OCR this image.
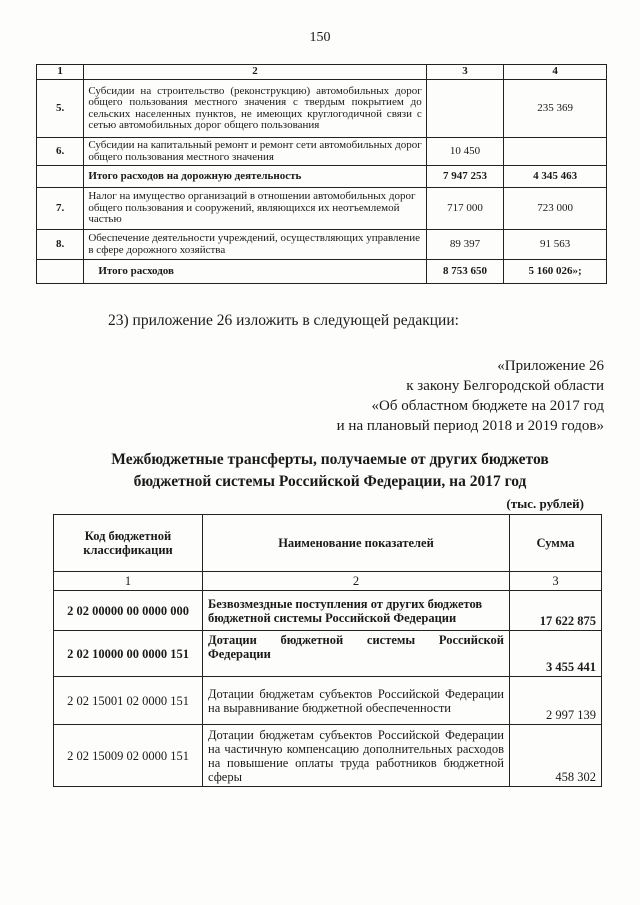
150
1	2	3	4
5.	Субсидии на строительство (реконструкцию) автомобильных дорог общего пользования местного значения с твердым покрытием до сельских населенных пунктов, не имеющих круглогодичной связи с сетью автомобильных дорог общего пользования		235 369
6.	Субсидии на капитальный ремонт и ремонт сети автомобильных дорог общего пользования местного значения	10 450	
	Итого расходов на дорожную деятельность	7 947 253	4 345 463
7.	Налог на имущество организаций в отношении автомобильных дорог общего пользования и сооружений, являющихся их неотъемлемой частью	717 000	723 000
8.	Обеспечение деятельности учреждений, осуществляющих управление в сфере дорожного хозяйства	89 397	91 563
	Итого расходов	8 753 650	5 160 026»;
23) приложение 26 изложить в следующей редакции:
«Приложение 26
к закону Белгородской области
«Об областном бюджете на 2017 год
и на плановый период 2018 и 2019 годов»
Межбюджетные трансферты, получаемые от других бюджетов
бюджетной системы Российской Федерации, на 2017 год
(тыс. рублей)
Код бюджетной классификации	Наименование показателей	Сумма
1	2	3
2 02 00000 00 0000 000	Безвозмездные поступления от других бюджетов бюджетной системы Российской Федерации	17 622 875
2 02 10000 00 0000 151	Дотации бюджетной системы Российской Федерации	3 455 441
2 02 15001 02 0000 151	Дотации бюджетам субъектов Российской Федерации на выравнивание бюджетной обеспеченности	2 997 139
2 02 15009 02 0000 151	Дотации бюджетам субъектов Российской Федерации на частичную компенсацию дополнительных расходов на повышение оплаты труда работников бюджетной сферы	458 302
